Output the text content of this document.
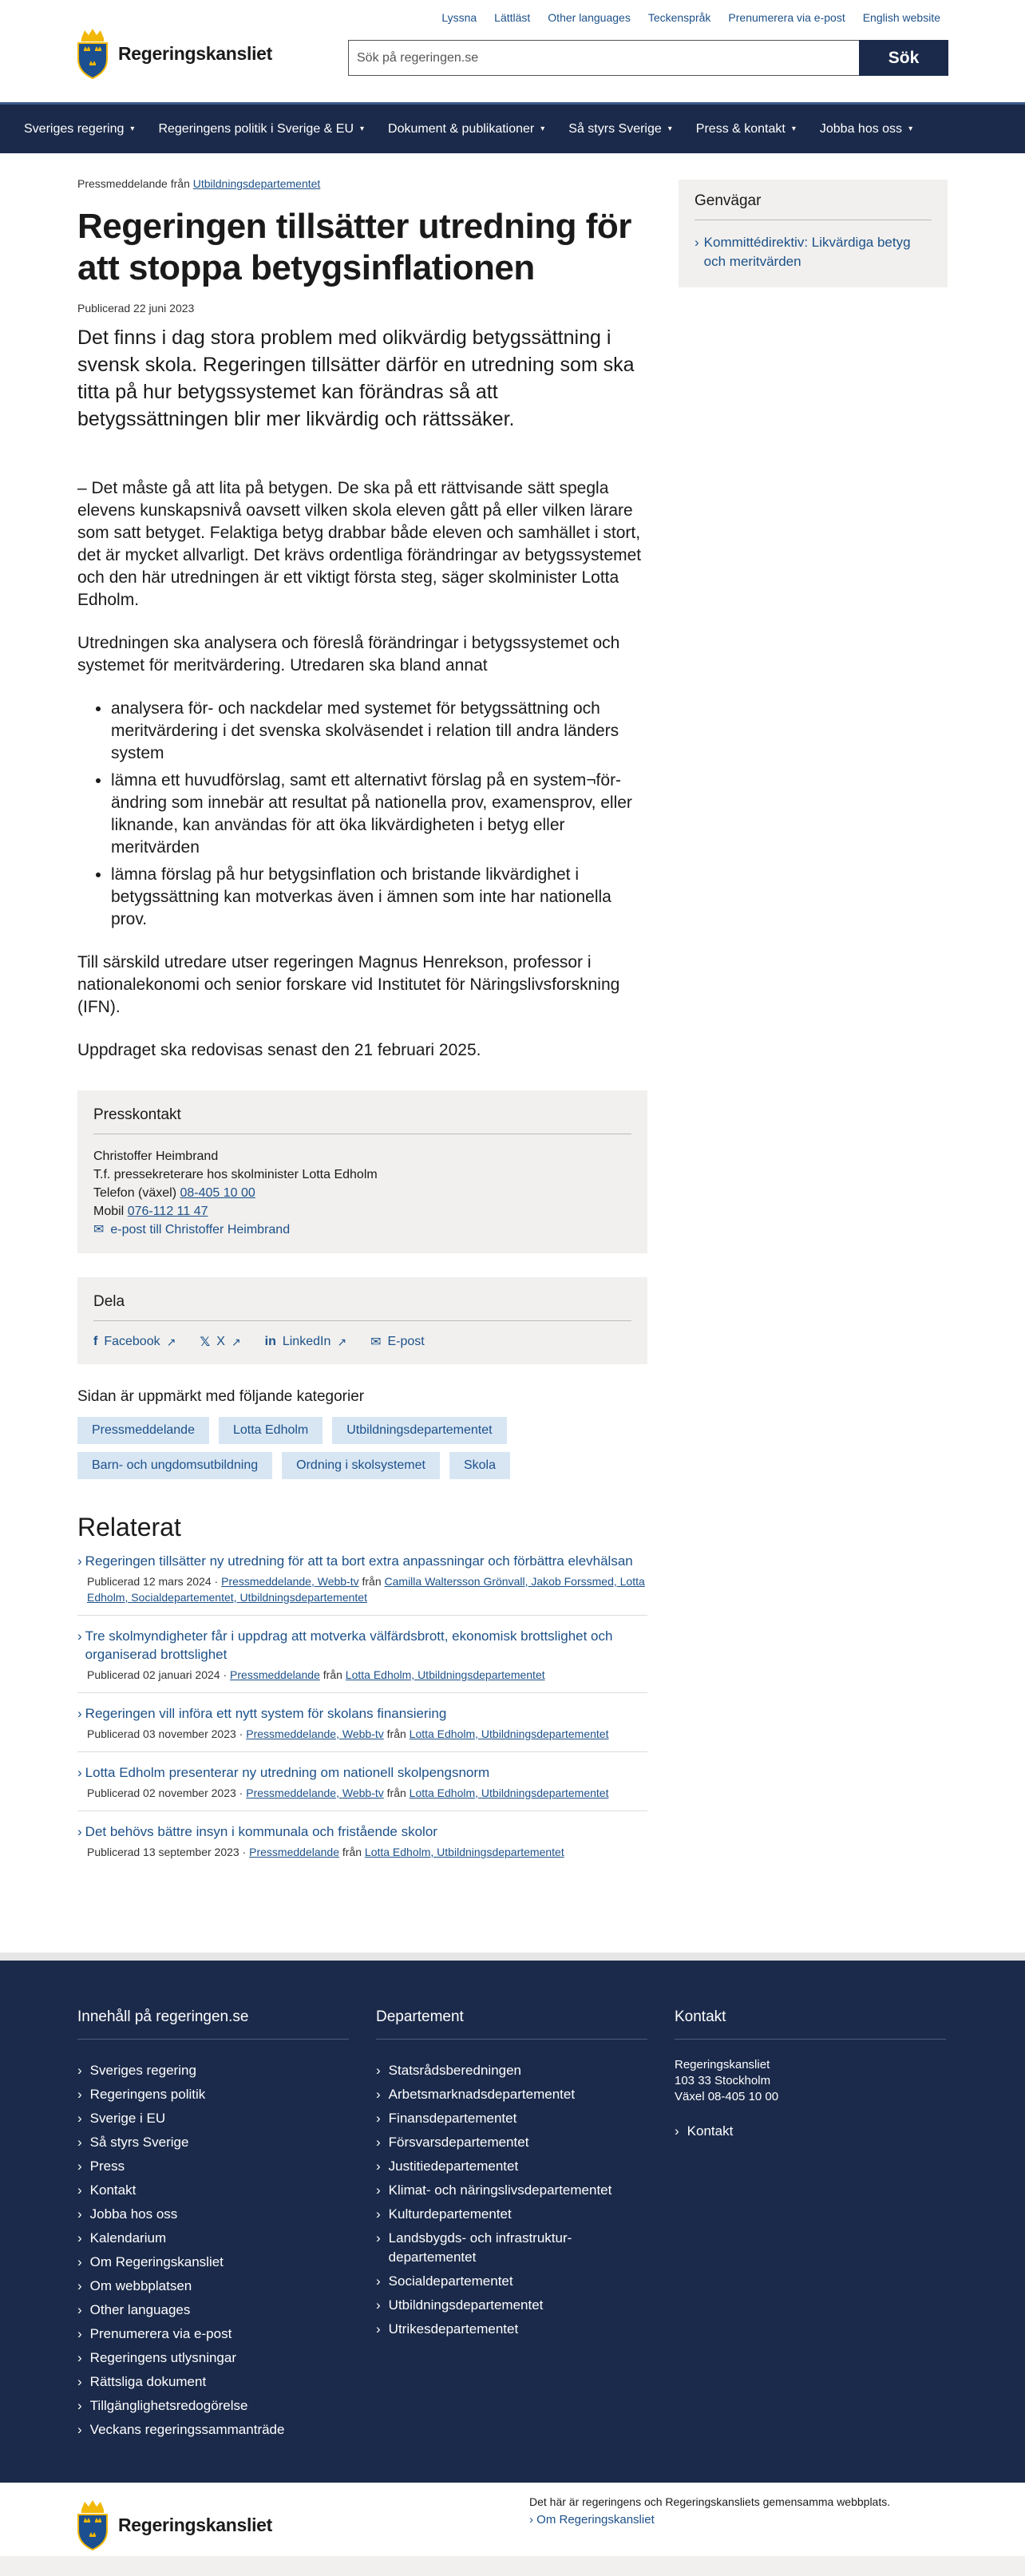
Lyssna Lättläst Other languages Teckenspråk Prenumerera via e-post English website
Regeringskansliet	Sök på regeringen.se	Sök
Sveriges regering ▾ Regeringens politik i Sverige & EU ▾ Dokument & publikationer ▾ Så styrs Sverige ▾ Press & kontakt ▾ Jobba hos oss ▾
Pressmeddelande från Utbildningsdepartementet
Regeringen tillsätter utredning för att stoppa betygsinflationen
Publicerad 22 juni 2023
Det finns i dag stora problem med olikvärdig betygssättning i svensk skola. Regeringen tillsätter därför en utredning som ska titta på hur betygssystemet kan förändras så att betygssättningen blir mer likvärdig och rättssäker.

– Det måste gå att lita på betygen. De ska på ett rättvisande sätt spegla elevens kunskapsnivå oavsett vilken skola eleven gått på eller vilken lärare som satt betyget. Felaktiga betyg drabbar både eleven och samhället i stort, det är mycket allvarligt. Det krävs ordentliga förändringar av betygssystemet och den här utredningen är ett viktigt första steg, säger skolminister Lotta Edholm.

Utredningen ska analysera och föreslå förändringar i betygssystemet och systemet för meritvärdering. Utredaren ska bland annat

• analysera för- och nackdelar med systemet för betygssättning och meritvärdering i det svenska skolväsendet i relation till andra länders system
• lämna ett huvudförslag, samt ett alternativt förslag på en system¬för-ändring som innebär att resultat på nationella prov, examensprov, eller liknande, kan användas för att öka likvärdigheten i betyg eller meritvärden
• lämna förslag på hur betygsinflation och bristande likvärdighet i betygssättning kan motverkas även i ämnen som inte har nationella prov.

Till särskild utredare utser regeringen Magnus Henrekson, professor i nationalekonomi och senior forskare vid Institutet för Näringslivsforskning (IFN).

Uppdraget ska redovisas senast den 21 februari 2025.

Presskontakt
Christoffer Heimbrand
T.f. pressekreterare hos skolminister Lotta Edholm
Telefon (växel) 08-405 10 00
Mobil 076-112 11 47
✉ e-post till Christoffer Heimbrand
Dela
f Facebook ↗ 𝕏 X ↗ in LinkedIn ↗ ✉ E-post
Sidan är uppmärkt med följande kategorier
Pressmeddelande	Lotta Edholm	Utbildningsdepartementet
Barn- och ungdomsutbildning	Ordning i skolsystemet	Skola
Relaterat
› Regeringen tillsätter ny utredning för att ta bort extra anpassningar och förbättra elevhälsan
Publicerad 12 mars 2024 · Pressmeddelande, Webb-tv från Camilla Waltersson Grönvall, Jakob Forssmed, Lotta Edholm, Socialdepartementet, Utbildningsdepartementet
› Tre skolmyndigheter får i uppdrag att motverka välfärdsbrott, ekonomisk brottslighet och organiserad brottslighet
Publicerad 02 januari 2024 · Pressmeddelande från Lotta Edholm, Utbildningsdepartementet
› Regeringen vill införa ett nytt system för skolans finansiering
Publicerad 03 november 2023 · Pressmeddelande, Webb-tv från Lotta Edholm, Utbildningsdepartementet
› Lotta Edholm presenterar ny utredning om nationell skolpengsnorm
Publicerad 02 november 2023 · Pressmeddelande, Webb-tv från Lotta Edholm, Utbildningsdepartementet
› Det behövs bättre insyn i kommunala och fristående skolor
Publicerad 13 september 2023 · Pressmeddelande från Lotta Edholm, Utbildningsdepartementet
Genvägar
› Kommittédirektiv: Likvärdiga betyg och meritvärden
Innehåll på regeringen.se
› Sveriges regering
› Regeringens politik
› Sverige i EU
› Så styrs Sverige
› Press
› Kontakt
› Jobba hos oss
› Kalendarium
› Om Regeringskansliet
› Om webbplatsen
› Other languages
› Prenumerera via e-post
› Regeringens utlysningar
› Rättsliga dokument
› Tillgänglighetsredogörelse
› Veckans regeringssammanträde
Departement
› Statsrådsberedningen
› Arbetsmarknadsdepartementet
› Finansdepartementet
› Försvarsdepartementet
› Justitiedepartementet
› Klimat- och näringslivsdepartementet
› Kulturdepartementet
› Landsbygds- och infrastruktur-departementet
› Socialdepartementet
› Utbildningsdepartementet
› Utrikesdepartementet
Kontakt
Regeringskansliet
103 33 Stockholm
Växel 08-405 10 00
› Kontakt
Regeringskansliet
Det här är regeringens och Regeringskansliets gemensamma webbplats.
› Om Regeringskansliet
